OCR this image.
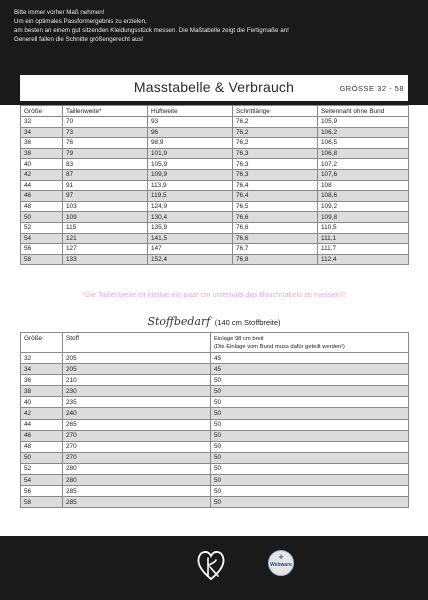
Bitte immer vorher Maß nehmen!
Um ein optimales Passformergebnis zu erzielen,
am besten an einem gut sitzenden Kleidungsstück messen. Die Maßtabelle zeigt die Fertigmaße an!
Generell fallen die Schnitte größengerecht aus!
Masstabelle & Verbrauch	GRÖSSE 32 - 58
Größe	Taillenweite*	Hüftweite	Schrittlänge	Seitennaht ohne Bund
32	70	93	76,2	105,9
34	73	96	76,2	106,2
36	76	98,9	76,2	106,5
38	79	101,9	76,3	106,8
40	83	105,9	76,3	107,2
42	87	109,9	76,3	107,6
44	91	113,9	76,4	108
46	97	119,5	76,4	108,6
48	103	124,9	76,5	109,2
50	109	130,4	76,6	109,8
52	115	135,9	76,6	110,5
54	121	141,5	76,6	111,1
56	127	147	76,7	111,7
58	133	152,4	76,8	112,4
*Die Taillenweite ist hierbei ein paar cm unterhalb des Bauchnabels zu messen!!!
Stoffbedarf (140 cm Stoffbreite)
Größe	Stoff	Einlage 98 cm breit
(Die Einlage vom Bund muss dafür geteilt werden!)

32	205	45
34	205	45
36	210	50
38	230	50
40	235	50
42	240	50
44	265	50
46	270	50
48	270	50
50	270	50
52	280	50
54	280	50
56	285	50
58	285	50
✚
Webware
